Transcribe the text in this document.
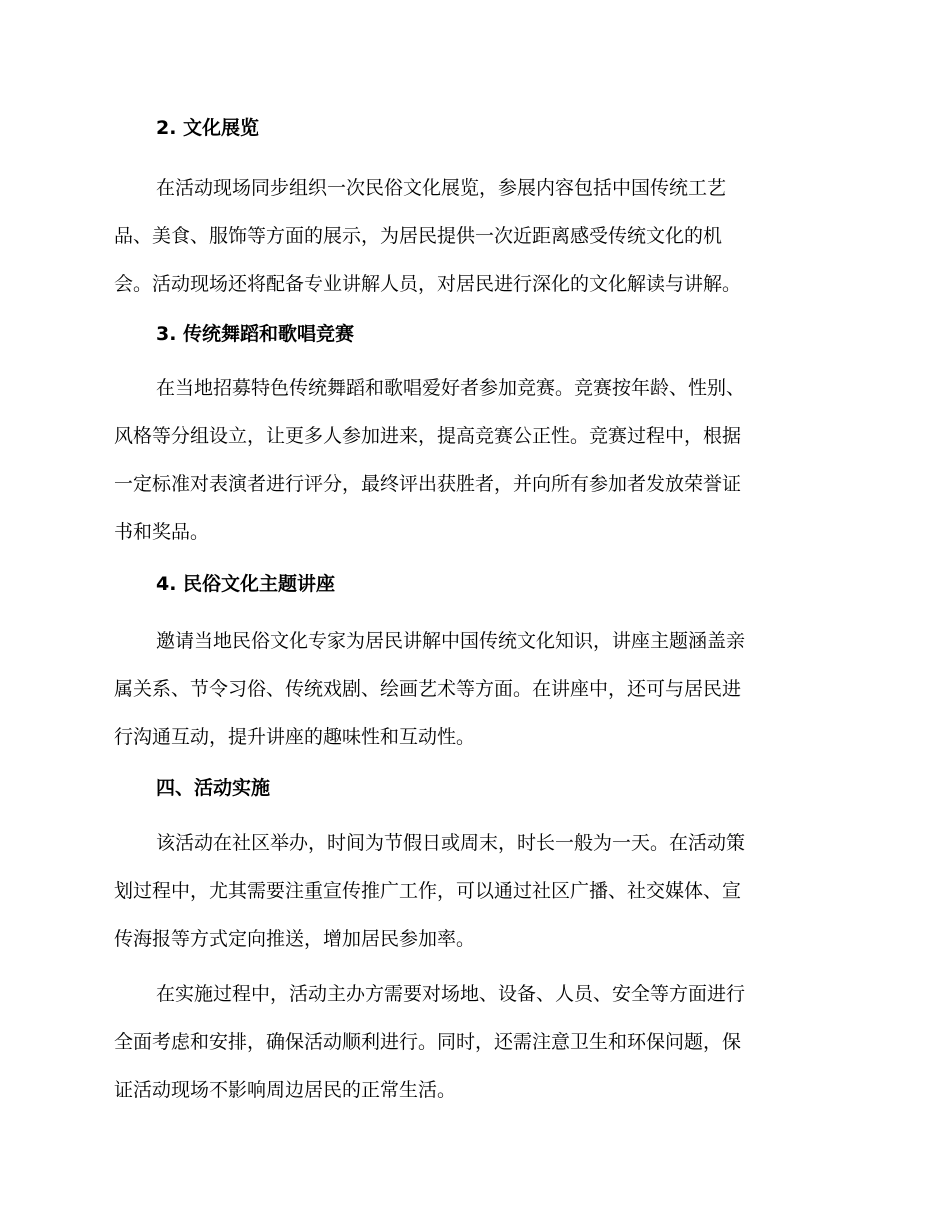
2. 文化展览
在活动现场同步组织一次民俗文化展览，参展内容包括中国传统工艺
品、美食、服饰等方面的展示，为居民提供一次近距离感受传统文化的机
会。活动现场还将配备专业讲解人员，对居民进行深化的文化解读与讲解。
3. 传统舞蹈和歌唱竞赛
在当地招募特色传统舞蹈和歌唱爱好者参加竞赛。竞赛按年龄、性别、
风格等分组设立，让更多人参加进来，提高竞赛公正性。竞赛过程中，根据
一定标准对表演者进行评分，最终评出获胜者，并向所有参加者发放荣誉证
书和奖品。
4. 民俗文化主题讲座
邀请当地民俗文化专家为居民讲解中国传统文化知识，讲座主题涵盖亲
属关系、节令习俗、传统戏剧、绘画艺术等方面。在讲座中，还可与居民进
行沟通互动，提升讲座的趣味性和互动性。
四、活动实施
该活动在社区举办，时间为节假日或周末，时长一般为一天。在活动策
划过程中，尤其需要注重宣传推广工作，可以通过社区广播、社交媒体、宣
传海报等方式定向推送，增加居民参加率。
在实施过程中，活动主办方需要对场地、设备、人员、安全等方面进行
全面考虑和安排，确保活动顺利进行。同时，还需注意卫生和环保问题，保
证活动现场不影响周边居民的正常生活。
